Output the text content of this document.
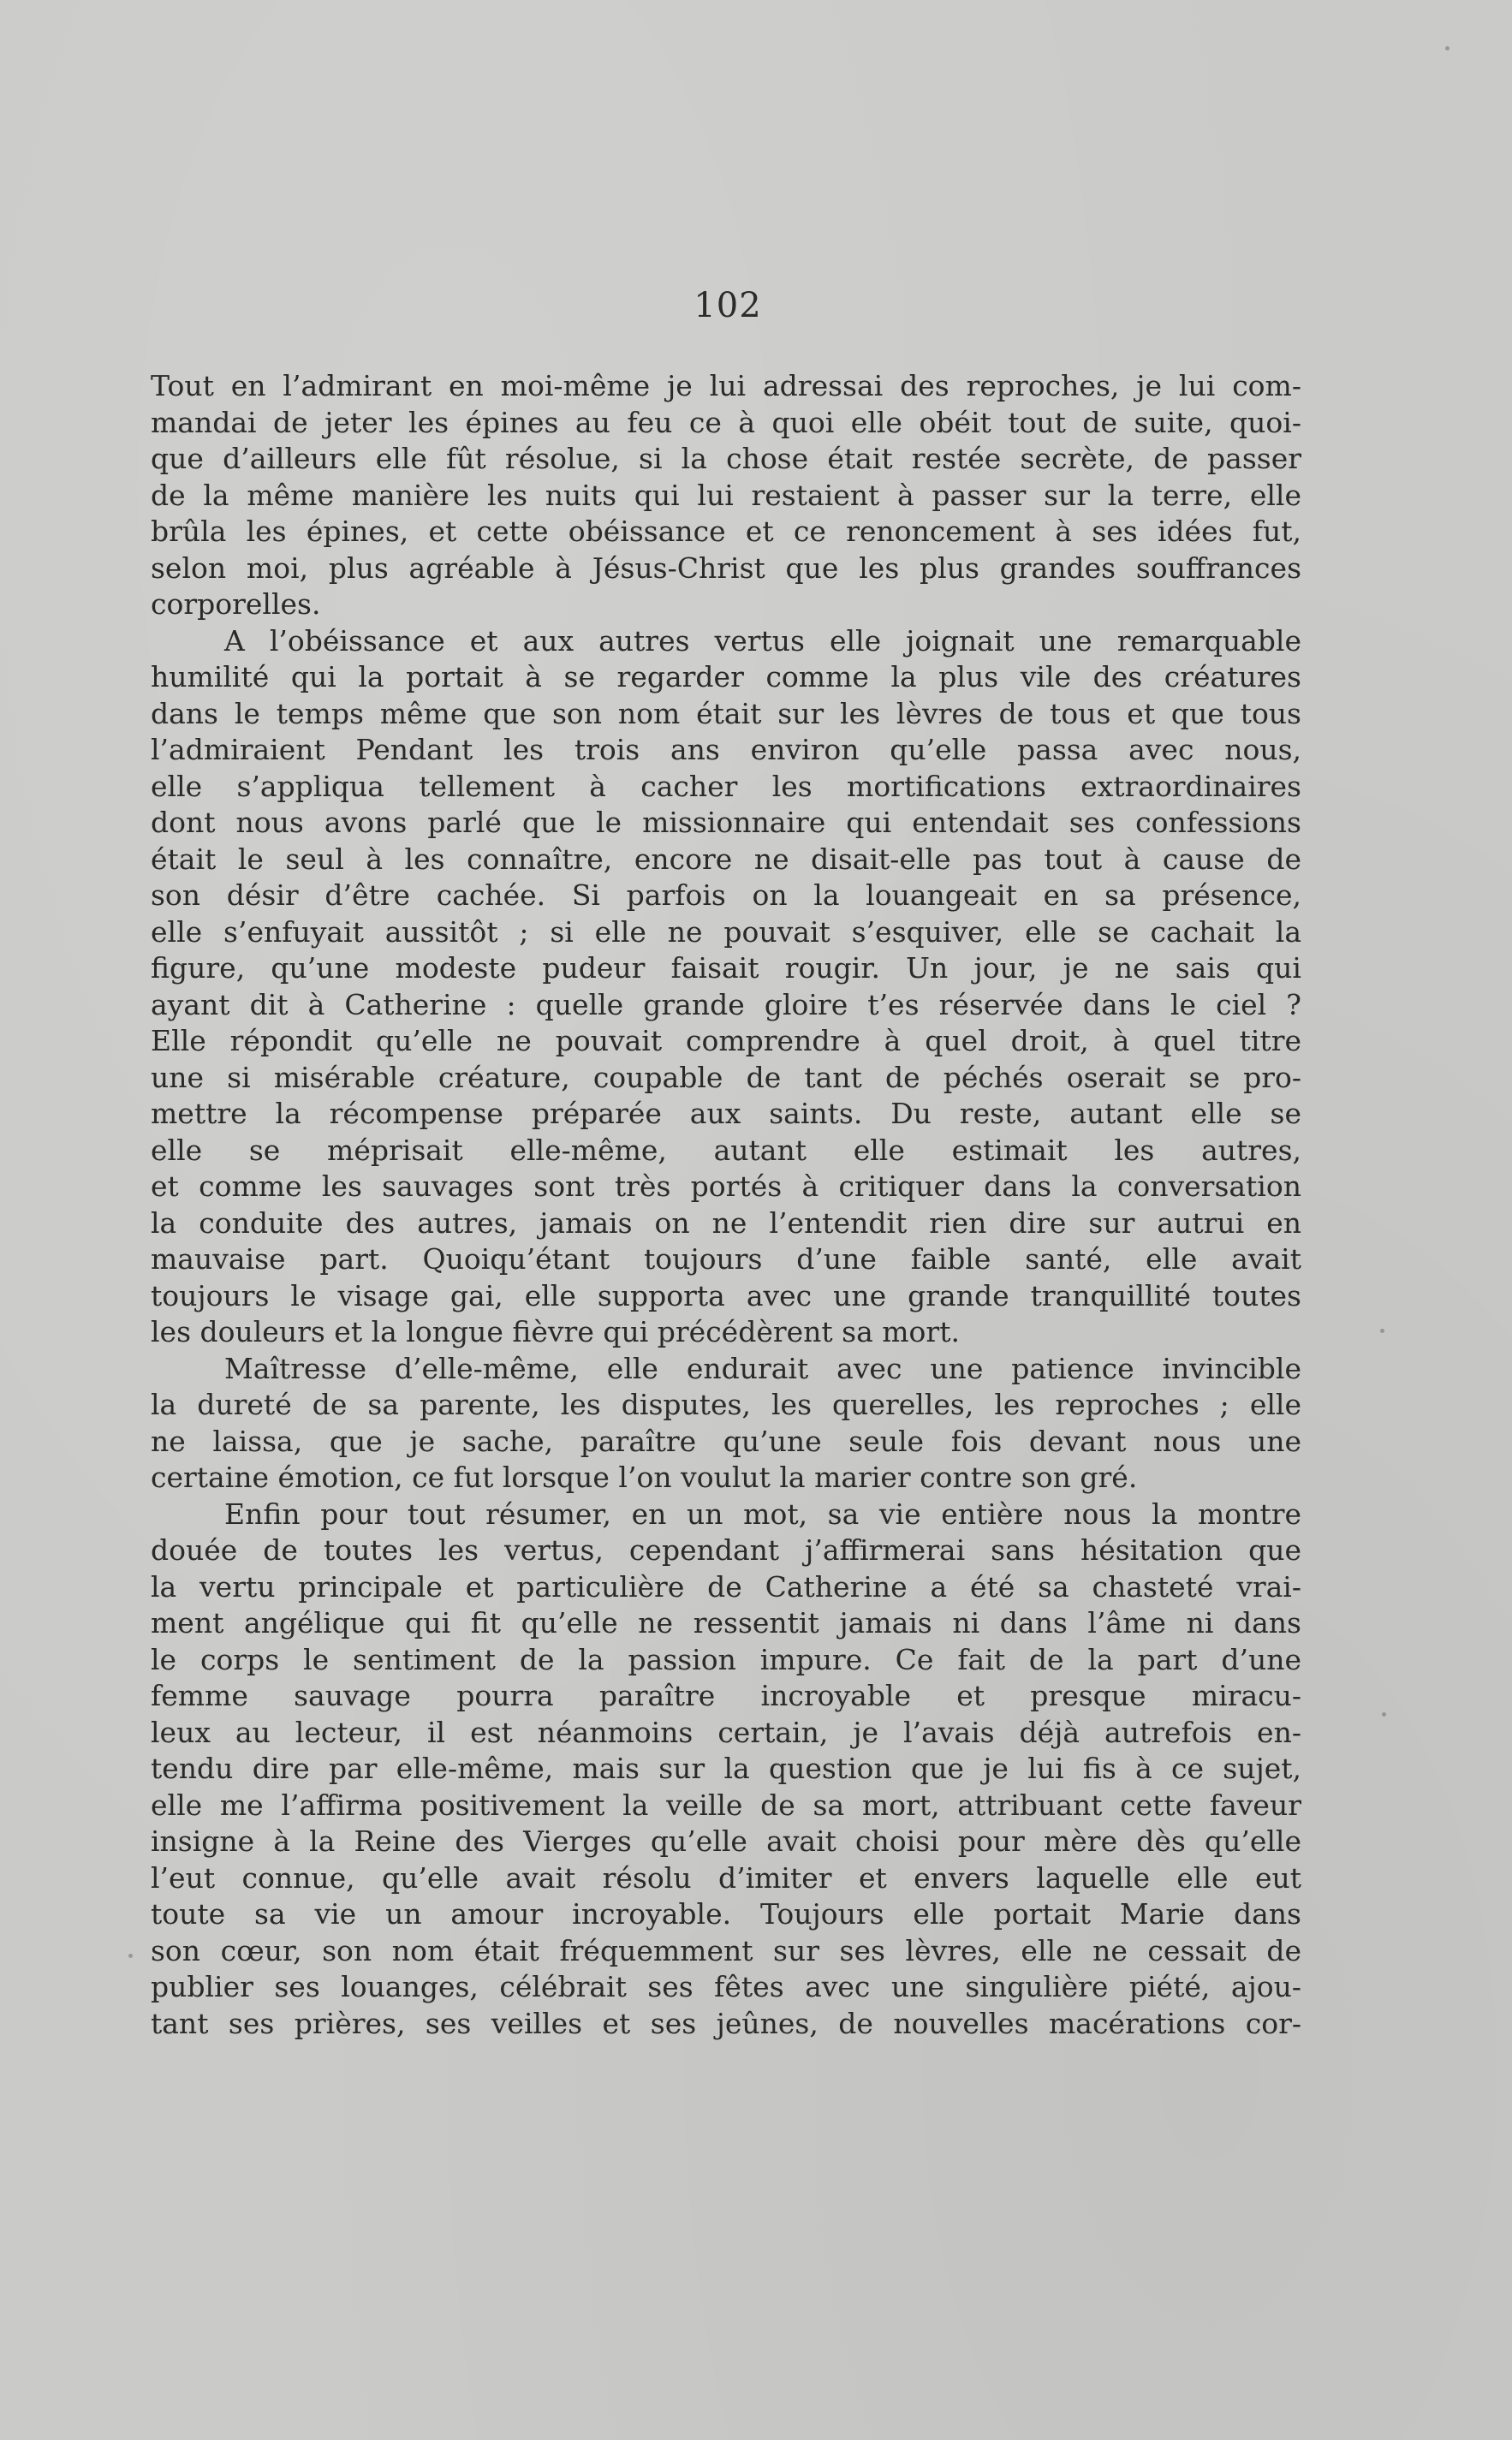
102
Tout en l’admirant en moi-même je lui adressai des reproches, je lui com-
mandai de jeter les épines au feu ce à quoi elle obéit tout de suite, quoi-
que d’ailleurs elle fût résolue, si la chose était restée secrète, de passer
de la même manière les nuits qui lui restaient à passer sur la terre, elle
brûla les épines, et cette obéissance et ce renoncement à ses idées fut,
selon moi, plus agréable à Jésus-Christ que les plus grandes souffrances
corporelles.
A l’obéissance et aux autres vertus elle joignait une remarquable
humilité qui la portait à se regarder comme la plus vile des créatures
dans le temps même que son nom était sur les lèvres de tous et que tous
l’admiraient Pendant les trois ans environ qu’elle passa avec nous,
elle s’appliqua tellement à cacher les mortifications extraordinaires
dont nous avons parlé que le missionnaire qui entendait ses confessions
était le seul à les connaître, encore ne disait-elle pas tout à cause de
son désir d’être cachée. Si parfois on la louangeait en sa présence,
elle s’enfuyait aussitôt ; si elle ne pouvait s’esquiver, elle se cachait la
figure, qu’une modeste pudeur faisait rougir. Un jour, je ne sais qui
ayant dit à Catherine : quelle grande gloire t’es réservée dans le ciel ?
Elle répondit qu’elle ne pouvait comprendre à quel droit, à quel titre
une si misérable créature, coupable de tant de péchés oserait se pro-
mettre la récompense préparée aux saints. Du reste, autant elle se
elle se méprisait elle-même, autant elle estimait les autres,
et comme les sauvages sont très portés à critiquer dans la conversation
la conduite des autres, jamais on ne l’entendit rien dire sur autrui en
mauvaise part. Quoiqu’étant toujours d’une faible santé, elle avait
toujours le visage gai, elle supporta avec une grande tranquillité toutes
les douleurs et la longue fièvre qui précédèrent sa mort.
Maîtresse d’elle-même, elle endurait avec une patience invincible
la dureté de sa parente, les disputes, les querelles, les reproches ; elle
ne laissa, que je sache, paraître qu’une seule fois devant nous une
certaine émotion, ce fut lorsque l’on voulut la marier contre son gré.
Enfin pour tout résumer, en un mot, sa vie entière nous la montre
douée de toutes les vertus, cependant j’affirmerai sans hésitation que
la vertu principale et particulière de Catherine a été sa chasteté vrai-
ment angélique qui fit qu’elle ne ressentit jamais ni dans l’âme ni dans
le corps le sentiment de la passion impure. Ce fait de la part d’une
femme sauvage pourra paraître incroyable et presque miracu-
leux au lecteur, il est néanmoins certain, je l’avais déjà autrefois en-
tendu dire par elle-même, mais sur la question que je lui fis à ce sujet,
elle me l’affirma positivement la veille de sa mort, attribuant cette faveur
insigne à la Reine des Vierges qu’elle avait choisi pour mère dès qu’elle
l’eut connue, qu’elle avait résolu d’imiter et envers laquelle elle eut
toute sa vie un amour incroyable. Toujours elle portait Marie dans
son cœur, son nom était fréquemment sur ses lèvres, elle ne cessait de
publier ses louanges, célébrait ses fêtes avec une singulière piété, ajou-
tant ses prières, ses veilles et ses jeûnes, de nouvelles macérations cor-
